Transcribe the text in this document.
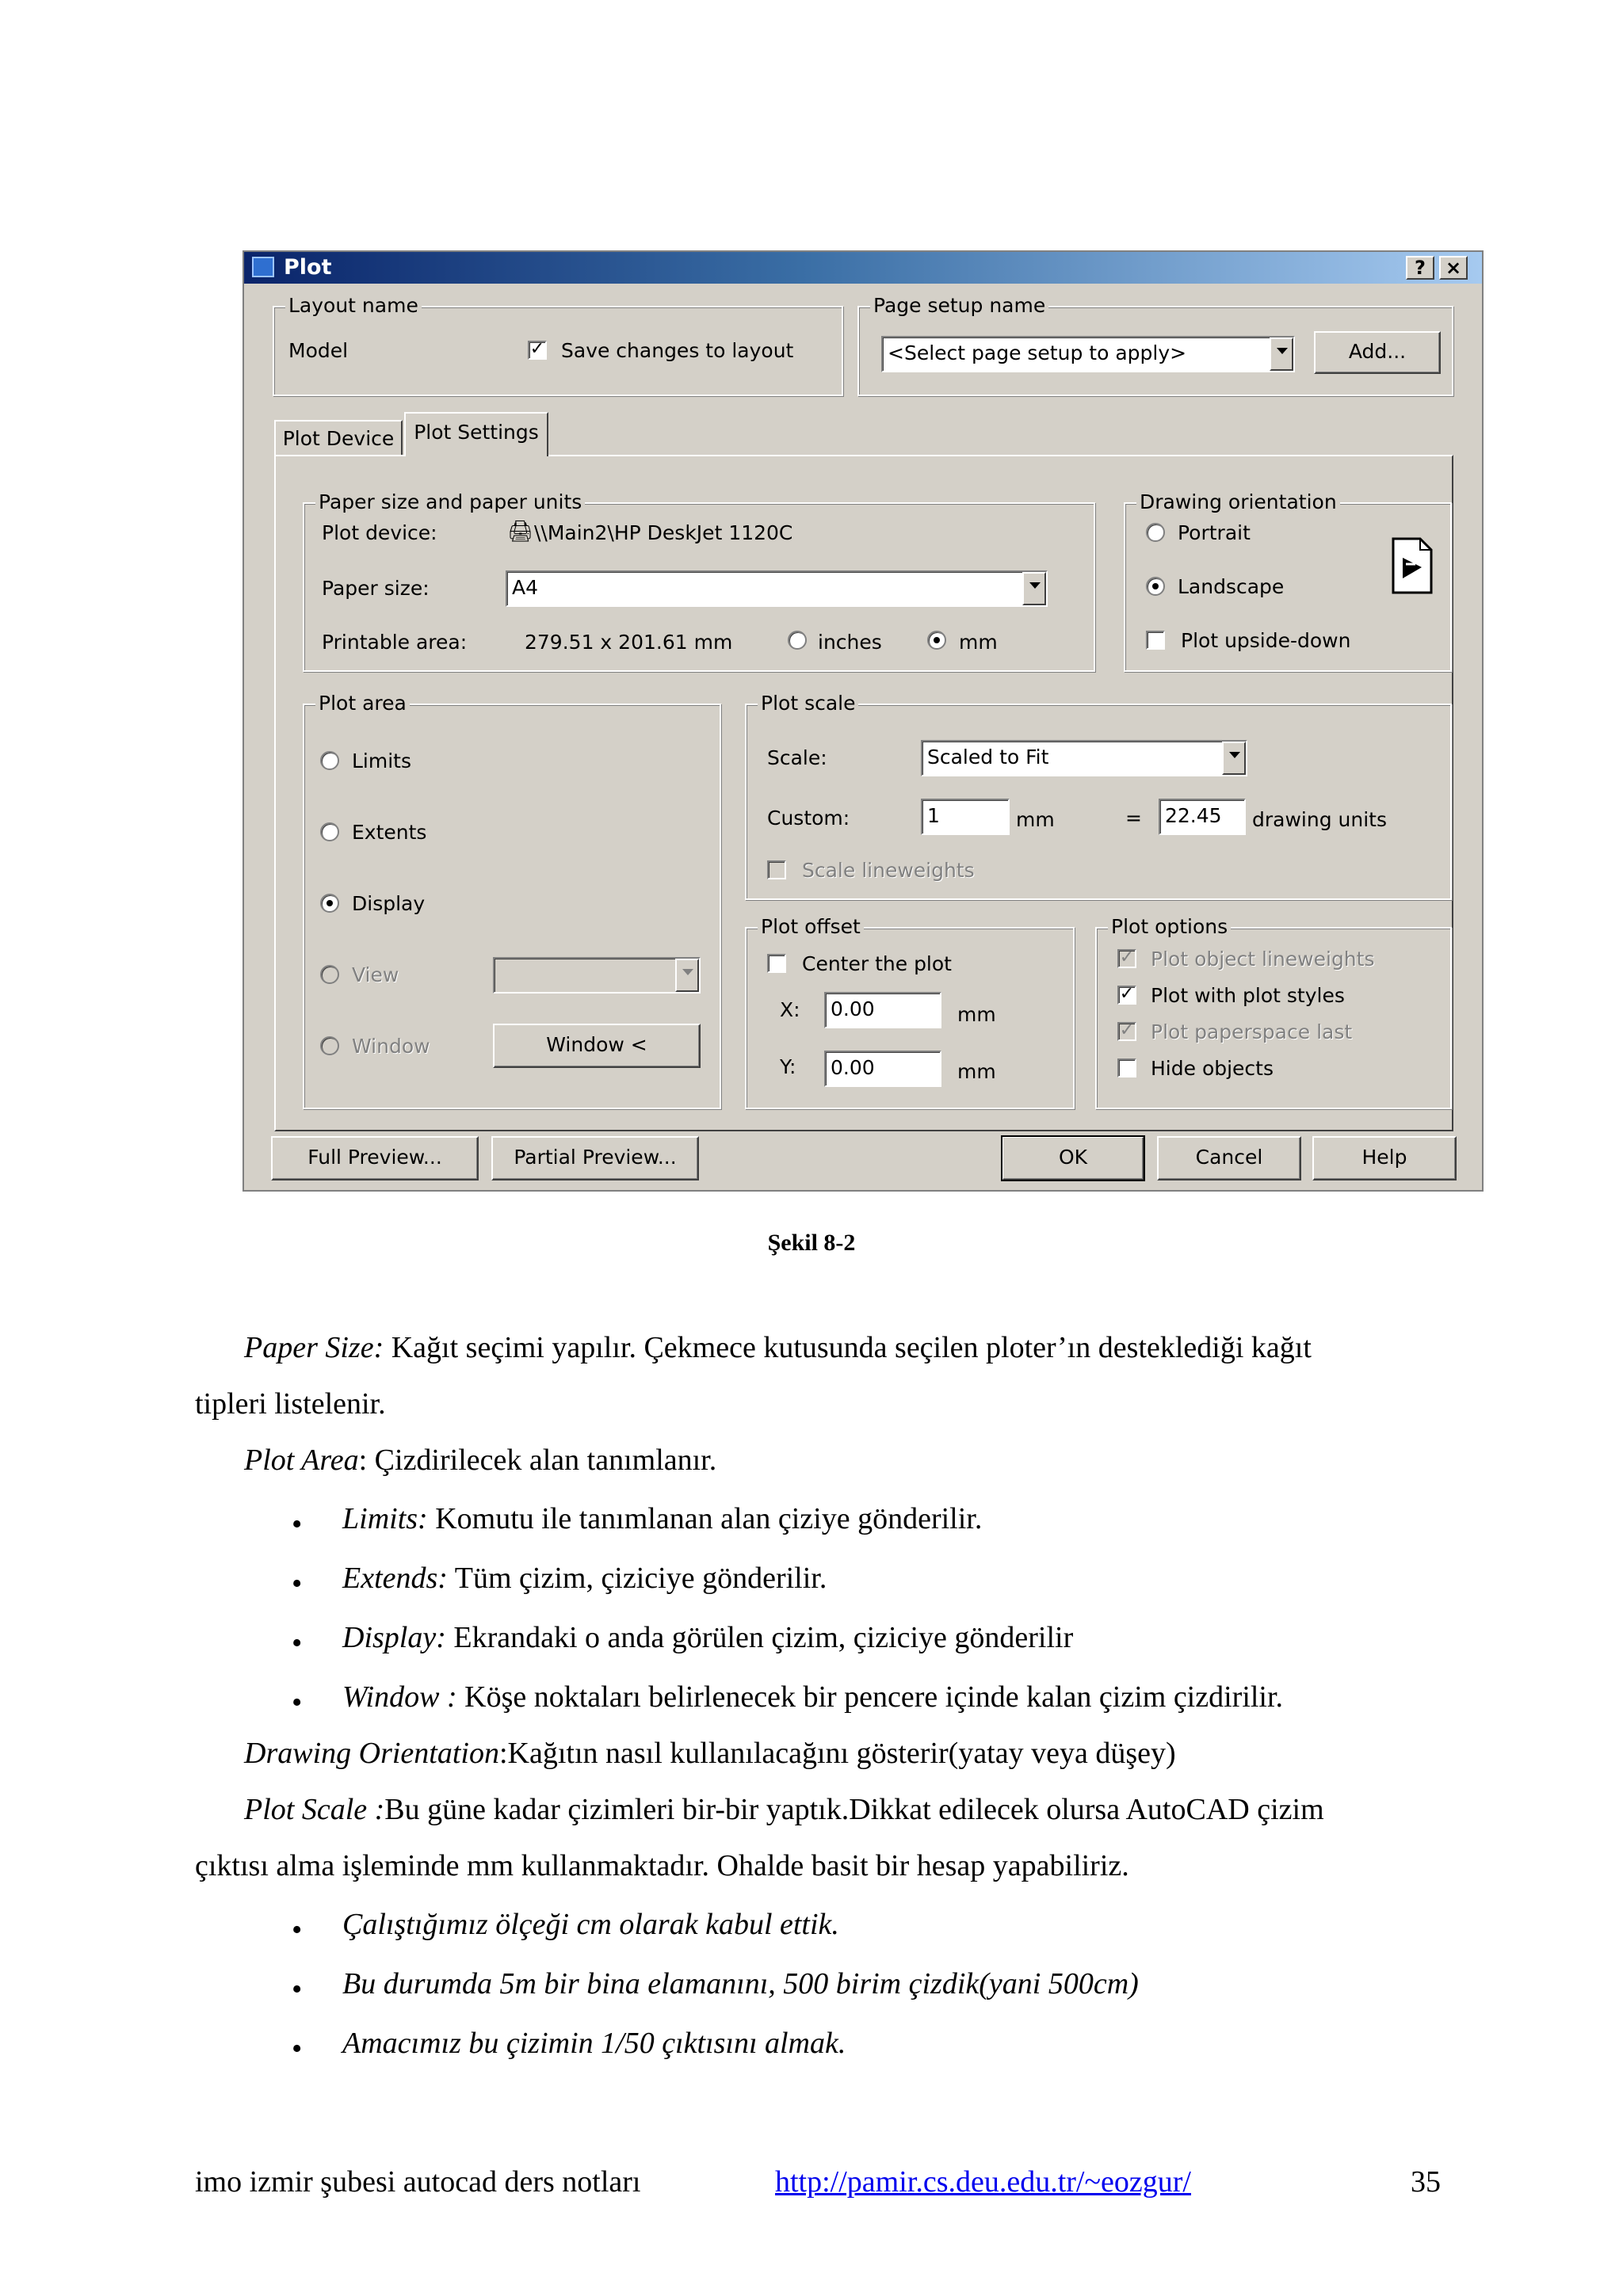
Plot	?	×
Layout name
Model	✓ Save changes to layout
Page setup name
<Select page setup to apply>	Add...
Plot Device Plot Settings
Paper size and paper units
Plot device:	🖨 \\Main2\HP DeskJet 1120C
Paper size:	A4
Printable area:	279.51 x 201.61 mm	inches	mm
Drawing orientation
Portrait
Landscape
Plot upside-down
Plot area
Limits
Extents
Display
View
Window	Window <
Plot scale
Scale:	Scaled to Fit
Custom:	1	mm	=	22.45	drawing units
Scale lineweights
Plot offset
Center the plot
X:	0.00	mm
Y:	0.00	mm
Plot options
✓ Plot object lineweights
✓ Plot with plot styles
✓ Plot paperspace last
Hide objects
Full Preview...	Partial Preview...	OK	Cancel	Help
Şekil 8-2
Paper Size: Kağıt seçimi yapılır. Çekmece kutusunda seçilen ploter’ın desteklediği kağıt
tipleri listelenir.
Plot Area: Çizdirilecek alan tanımlanır.
• Limits: Komutu ile tanımlanan alan çiziye gönderilir.
• Extends: Tüm çizim, çiziciye gönderilir.
• Display: Ekrandaki o anda görülen çizim, çiziciye gönderilir
• Window : Köşe noktaları belirlenecek bir pencere içinde kalan çizim çizdirilir.
Drawing Orientation:Kağıtın nasıl kullanılacağını gösterir(yatay veya düşey)
Plot Scale :Bu güne kadar çizimleri bir-bir yaptık.Dikkat edilecek olursa AutoCAD çizim
çıktısı alma işleminde mm kullanmaktadır. Ohalde basit bir hesap yapabiliriz.
• Çalıştığımız ölçeği cm olarak kabul ettik.
• Bu durumda 5m bir bina elamanını, 500 birim çizdik(yani 500cm)
• Amacımız bu çizimin 1/50 çıktısını almak.
imo izmir şubesi autocad ders notları	http://pamir.cs.deu.edu.tr/~eozgur/	35
